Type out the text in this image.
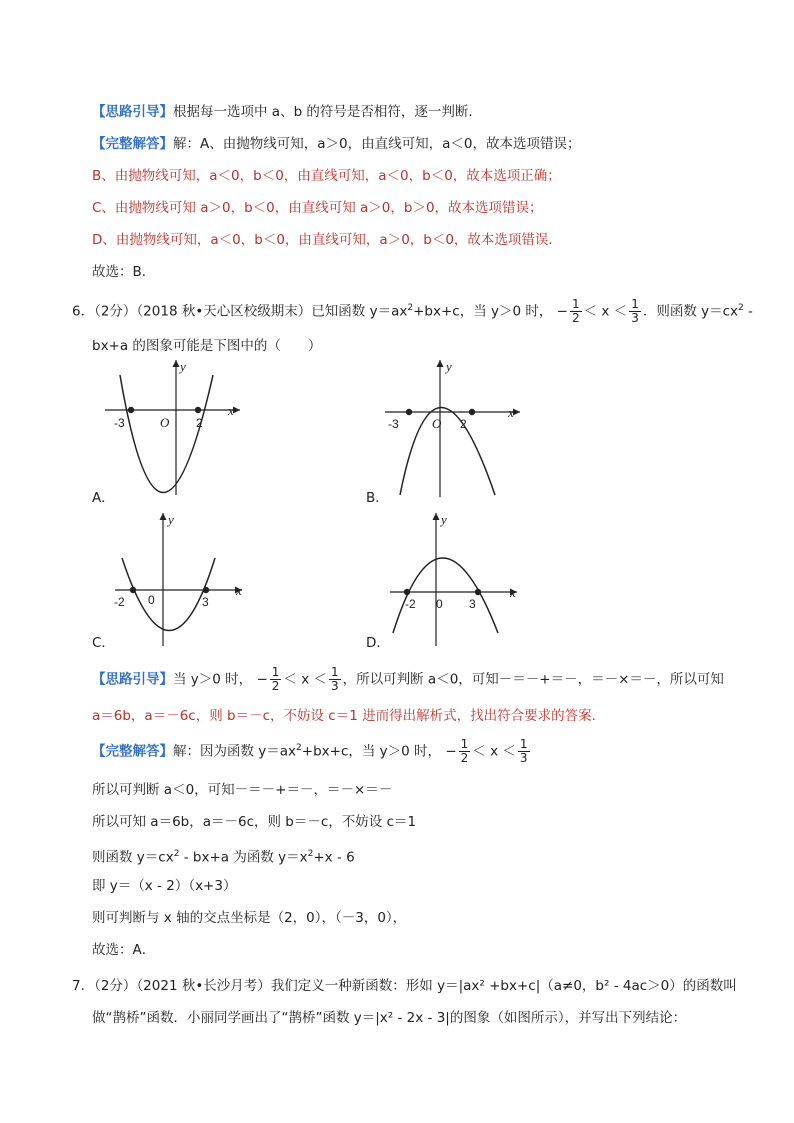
【思路引导】根据每一选项中 a、b 的符号是否相符，逐一判断．
【完整解答】解：A、由抛物线可知，a＞0，由直线可知，a＜0，故本选项错误；
B、由抛物线可知，a＜0，b＜0，由直线可知，a＜0，b＜0，故本选项正确；
C、由抛物线可知 a＞0，b＜0，由直线可知 a＞0，b＞0，故本选项错误；
D、由抛物线可知，a＜0，b＜0，由直线可知，a＞0，b＜0，故本选项错误．
故选：B．
6．（2分）（2018 秋•天心区校级期末）已知函数 $y=ax^2+bx+c$，当 y＞0 时， − $\frac{1}{2} < x < \frac{1}{3}$ ．则函数 $y=cx^2$ -
bx+a 的图象可能是下图中的（　　）
-3	O 2
x
y
A．
-3	O 2
x
y
B．
-2 0	3
x
y
C．
-2 0 3
x
y
D．
【思路引导】当 y＞0 时， − $\frac{1}{2} < x < \frac{1}{3}$ ，所以可判断 a＜0，可知－＝－+＝－，＝－×＝－，所以可知
a＝6b，a＝－6c，则 b＝－c，不妨设 c＝1 进而得出解析式，找出符合要求的答案．
【完整解答】解：因为函数 $y=ax^2+bx+c$，当 y＞0 时， − $\frac{1}{2} < x < \frac{1}{3}$
所以可判断 a＜0，可知－＝－+＝－，＝－×＝－
所以可知 a＝6b，a＝－6c，则 b＝－c，不妨设 c＝1
则函数 $y=cx^2 - bx+a$ 为函数 $y=x^2+x - 6$
即 y＝（x - 2）（x+3）
则可判断与 x 轴的交点坐标是（2，0），（－3，0），
故选：A．
7．（2分）（2021 秋•长沙月考）我们定义一种新函数：形如 y＝|ax² +bx+c|（a≠0，b² - 4ac＞0）的函数叫
做“鹊桥”函数．小丽同学画出了“鹊桥”函数 y＝|x² - 2x - 3|的图象（如图所示），并写出下列结论：
